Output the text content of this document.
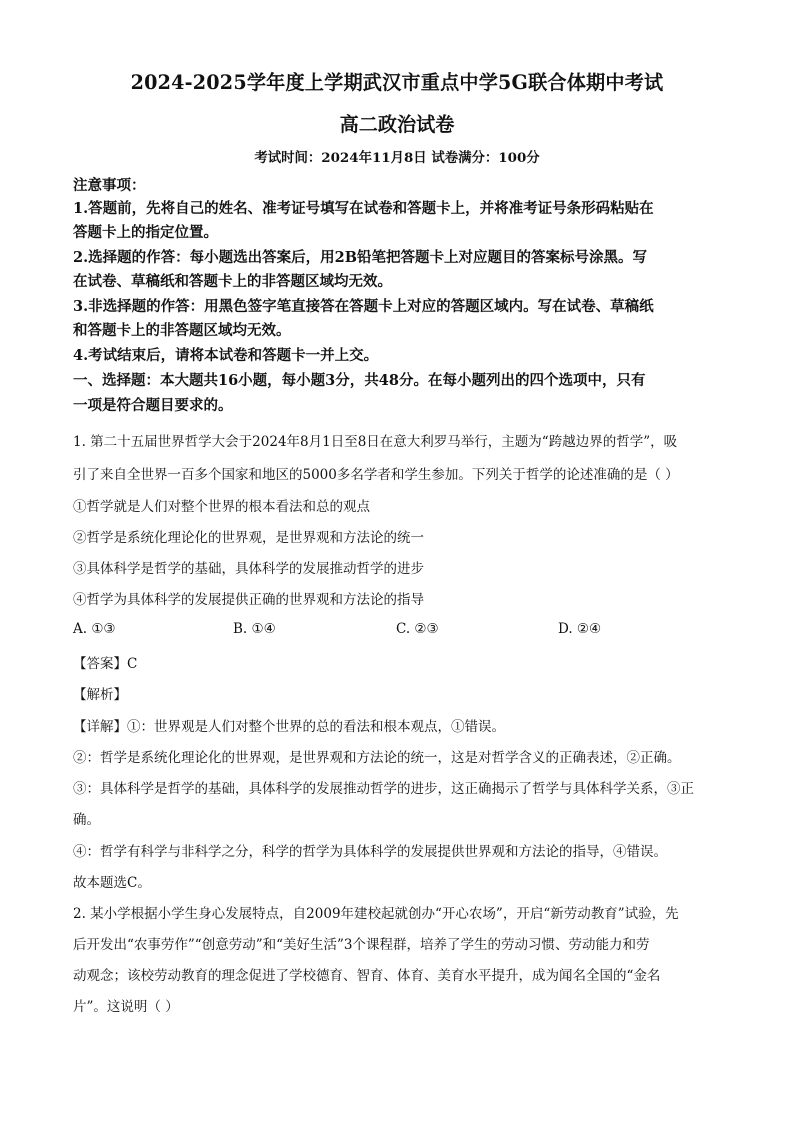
2024-2025学年度上学期武汉市重点中学5G联合体期中考试
高二政治试卷
考试时间：2024年11月8日 试卷满分：100分
注意事项：
1.答题前，先将自己的姓名、准考证号填写在试卷和答题卡上，并将准考证号条形码粘贴在
答题卡上的指定位置。
2.选择题的作答：每小题选出答案后，用2B铅笔把答题卡上对应题目的答案标号涂黑。写
在试卷、草稿纸和答题卡上的非答题区域均无效。
3.非选择题的作答：用黑色签字笔直接答在答题卡上对应的答题区域内。写在试卷、草稿纸
和答题卡上的非答题区域均无效。
4.考试结束后，请将本试卷和答题卡一并上交。
一、选择题：本大题共16小题，每小题3分，共48分。在每小题列出的四个选项中，只有
一项是符合题目要求的。
1. 第二十五届世界哲学大会于2024年8月1日至8日在意大利罗马举行，主题为“跨越边界的哲学”，吸
引了来自全世界一百多个国家和地区的5000多名学者和学生参加。下列关于哲学的论述准确的是（ ）
①哲学就是人们对整个世界的根本看法和总的观点
②哲学是系统化理论化的世界观，是世界观和方法论的统一
③具体科学是哲学的基础，具体科学的发展推动哲学的进步
④哲学为具体科学的发展提供正确的世界观和方法论的指导
A. ①③	B. ①④	C. ②③	D. ②④
【答案】C
【解析】
【详解】①：世界观是人们对整个世界的总的看法和根本观点，①错误。
②：哲学是系统化理论化的世界观，是世界观和方法论的统一，这是对哲学含义的正确表述，②正确。
③：具体科学是哲学的基础，具体科学的发展推动哲学的进步，这正确揭示了哲学与具体科学关系，③正
确。
④：哲学有科学与非科学之分，科学的哲学为具体科学的发展提供世界观和方法论的指导，④错误。
故本题选C。
2. 某小学根据小学生身心发展特点，自2009年建校起就创办“开心农场”，开启“新劳动教育”试验，先
后开发出“农事劳作”“创意劳动”和“美好生活”3个课程群，培养了学生的劳动习惯、劳动能力和劳
动观念；该校劳动教育的理念促进了学校德育、智育、体育、美育水平提升，成为闻名全国的“金名
片”。这说明（ ）
